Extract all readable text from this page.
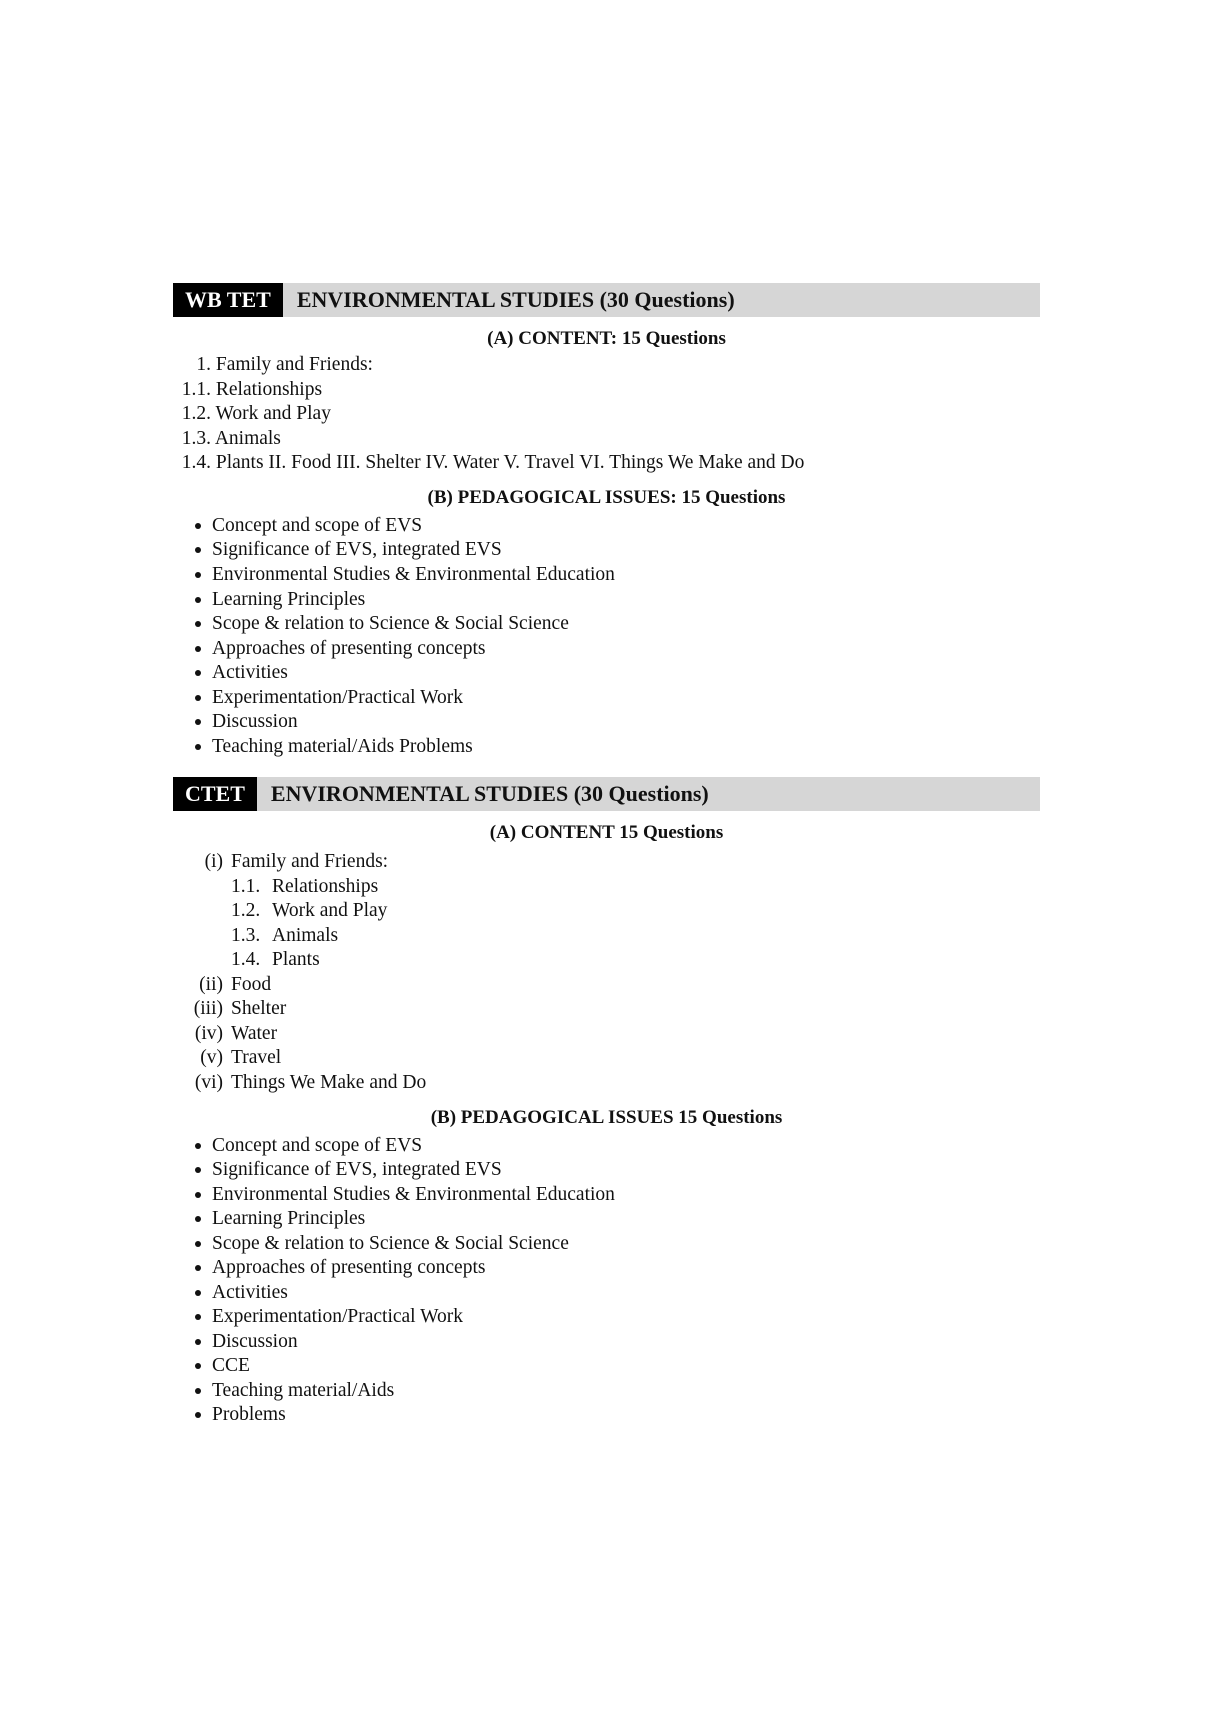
WB TET	ENVIRONMENTAL STUDIES (30 Questions)
(A) CONTENT: 15 Questions
1. Family and Friends:
1.1. Relationships
1.2. Work and Play
1.3. Animals
1.4. Plants II. Food III. Shelter IV. Water V. Travel VI. Things We Make and Do
(B) PEDAGOGICAL ISSUES: 15 Questions
Concept and scope of EVS
Significance of EVS, integrated EVS
Environmental Studies & Environmental Education
Learning Principles
Scope & relation to Science & Social Science
Approaches of presenting concepts
Activities
Experimentation/Practical Work
Discussion
Teaching material/Aids Problems
CTET	ENVIRONMENTAL STUDIES (30 Questions)
(A) CONTENT 15 Questions
(i) Family and Friends:
1.1. Relationships
1.2. Work and Play
1.3. Animals
1.4. Plants
(ii) Food
(iii) Shelter
(iv) Water
(v) Travel
(vi) Things We Make and Do
(B) PEDAGOGICAL ISSUES 15 Questions
Concept and scope of EVS
Significance of EVS, integrated EVS
Environmental Studies & Environmental Education
Learning Principles
Scope & relation to Science & Social Science
Approaches of presenting concepts
Activities
Experimentation/Practical Work
Discussion
CCE
Teaching material/Aids
Problems
